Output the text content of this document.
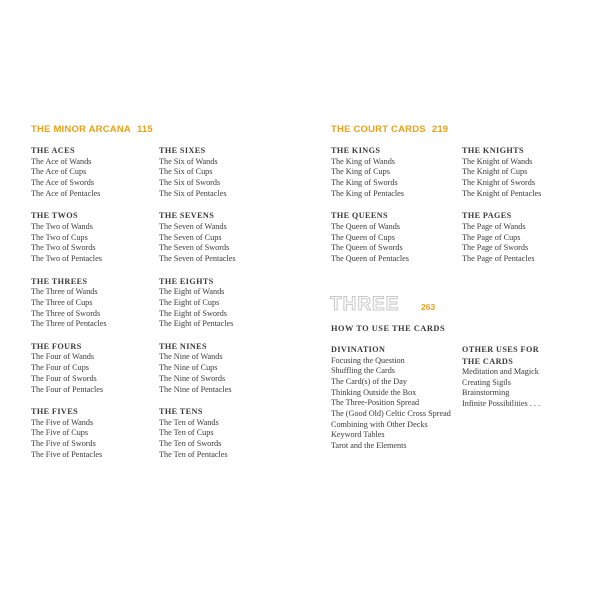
THE MINOR ARCANA 115
THE ACES
The Ace of Wands
The Ace of Cups
The Ace of Swords
The Ace of Pentacles
THE TWOS
The Two of Wands
The Two of Cups
The Two of Swords
The Two of Pentacles
THE THREES
The Three of Wands
The Three of Cups
The Three of Swords
The Three of Pentacles
THE FOURS
The Four of Wands
The Four of Cups
The Four of Swords
The Four of Pentacles
THE FIVES
The Five of Wands
The Five of Cups
The Five of Swords
The Five of Pentacles
THE SIXES
The Six of Wands
The Six of Cups
The Six of Swords
The Six of Pentacles
THE SEVENS
The Seven of Wands
The Seven of Cups
The Seven of Swords
The Seven of Pentacles
THE EIGHTS
The Eight of Wands
The Eight of Cups
The Eight of Swords
The Eight of Pentacles
THE NINES
The Nine of Wands
The Nine of Cups
The Nine of Swords
The Nine of Pentacles
THE TENS
The Ten of Wands
The Ten of Cups
The Ten of Swords
The Ten of Pentacles
THE COURT CARDS 219
THE KINGS
The King of Wands
The King of Cups
The King of Swords
The King of Pentacles
THE QUEENS
The Queen of Wands
The Queen of Cups
The Queen of Swords
The Queen of Pentacles
THE KNIGHTS
The Knight of Wands
The Knight of Cups
The Knight of Swords
The Knight of Pentacles
THE PAGES
The Page of Wands
The Page of Cups
The Page of Swords
The Page of Pentacles
THREE	263
HOW TO USE THE CARDS
DIVINATION
Focusing the Question
Shuffling the Cards
The Card(s) of the Day
Thinking Outside the Box
The Three-Position Spread
The (Good Old) Celtic Cross Spread
Combining with Other Decks
Keyword Tables
Tarot and the Elements
OTHER USES FOR THE CARDS
Meditation and Magick
Creating Sigils
Brainstorming
Infinite Possibilities . . .
